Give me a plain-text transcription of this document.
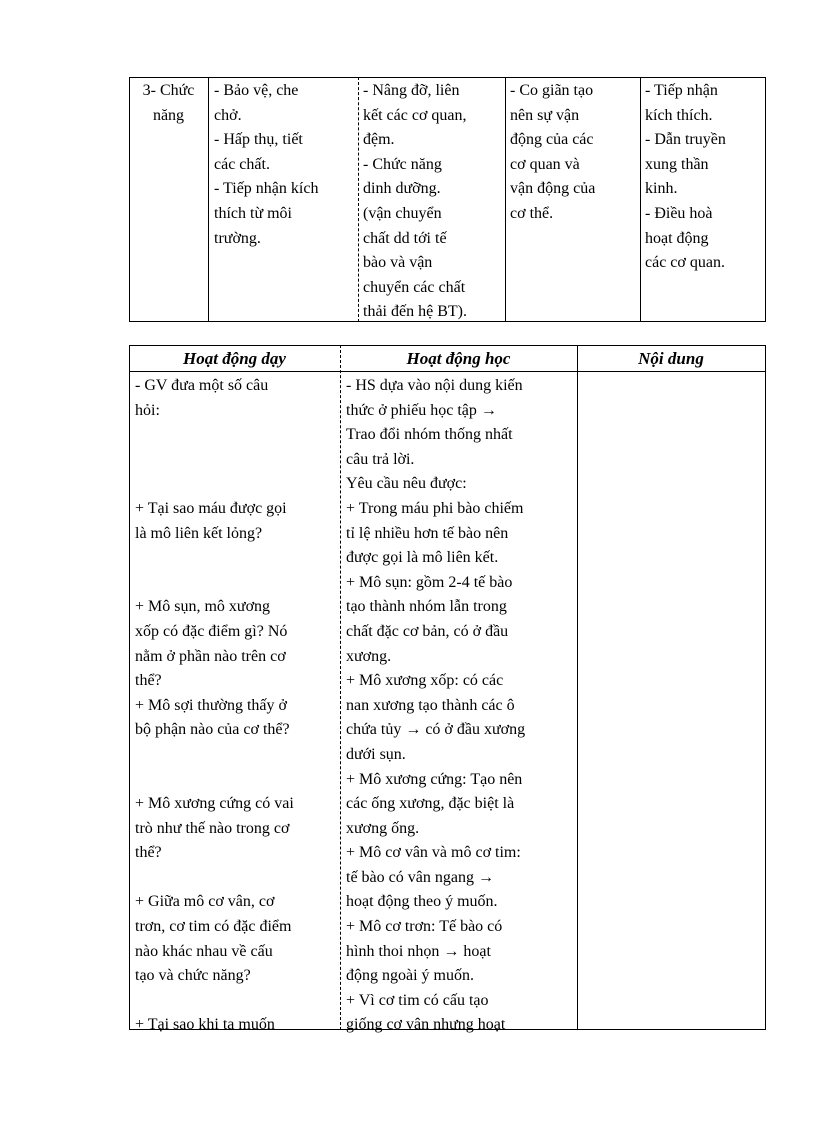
3- Chức
năng
- Bảo vệ, che
chở.
- Hấp thụ, tiết
các chất.
- Tiếp nhận kích
thích từ môi
trường.
- Nâng đỡ, liên
kết các cơ quan,
đệm.
- Chức năng
dinh dưỡng.
(vận chuyển
chất dd tới tế
bào và vận
chuyển các chất
thải đến hệ BT).
- Co giãn tạo
nên sự vận
động của các
cơ quan và
vận động của
cơ thể.
- Tiếp nhận
kích thích.
- Dẫn truyền
xung thần
kinh.
- Điều hoà
hoạt động
các cơ quan.
Hoạt động dạy	Hoạt động học	Nội dung
- GV đưa một số câu
hỏi:

+ Tại sao máu được gọi
là mô liên kết lỏng?

+ Mô sụn, mô xương
xốp có đặc điểm gì? Nó
nằm ở phần nào trên cơ
thể?
+ Mô sợi thường thấy ở
bộ phận nào của cơ thể?

+ Mô xương cứng có vai
trò như thế nào trong cơ
thể?

+ Giữa mô cơ vân, cơ
trơn, cơ tim có đặc điểm
nào khác nhau về cấu
tạo và chức năng?

+ Tại sao khi ta muốn
- HS dựa vào nội dung kiến
thức ở phiếu học tập →
Trao đổi nhóm thống nhất
câu trả lời.
Yêu cầu nêu được:
+ Trong máu phi bào chiếm
tỉ lệ nhiều hơn tế bào nên
được gọi là mô liên kết.
+ Mô sụn: gồm 2-4 tế bào
tạo thành nhóm lẫn trong
chất đặc cơ bản, có ở đầu
xương.
+ Mô xương xốp: có các
nan xương tạo thành các ô
chứa tủy → có ở đầu xương
dưới sụn.
+ Mô xương cứng: Tạo nên
các ống xương, đặc biệt là
xương ống.
+ Mô cơ vân và mô cơ tim:
tế bào có vân ngang →
hoạt động theo ý muốn.
+ Mô cơ trơn: Tế bào có
hình thoi nhọn → hoạt
động ngoài ý muốn.
+ Vì cơ tim có cấu tạo
giống cơ vân nhưng hoạt
